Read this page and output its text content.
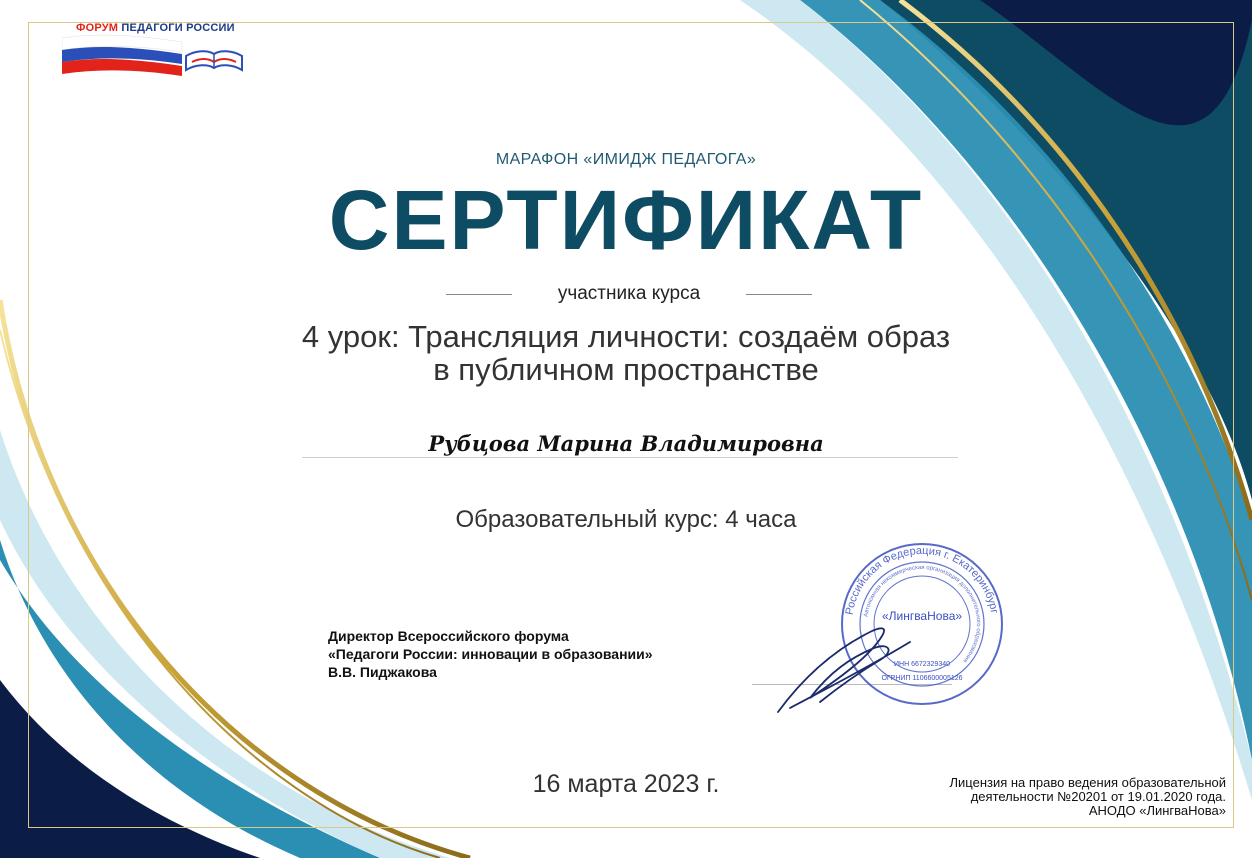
ФОРУМ ПЕДАГОГИ РОССИИ
МАРАФОН «ИМИДЖ ПЕДАГОГА»
СЕРТИФИКАТ
участника курса
4 урок: Трансляция личности: создаём образ
в публичном пространстве
Рубцова Марина Владимировна
Образовательный курс: 4 часа
Директор Всероссийского форума
«Педагоги России: инновации в образовании»
В.В. Пиджакова
Российская Федерация г. Екатеринбург
Автономная некоммерческая организация дополнительного образования
«ЛингваНова»
ИНН 6672329340
ОГРНИП 1106600005126
16 марта 2023 г.	Лицензия на право ведения образовательной
деятельности №20201 от 19.01.2020 года.
АНОДО «ЛингваНова»
